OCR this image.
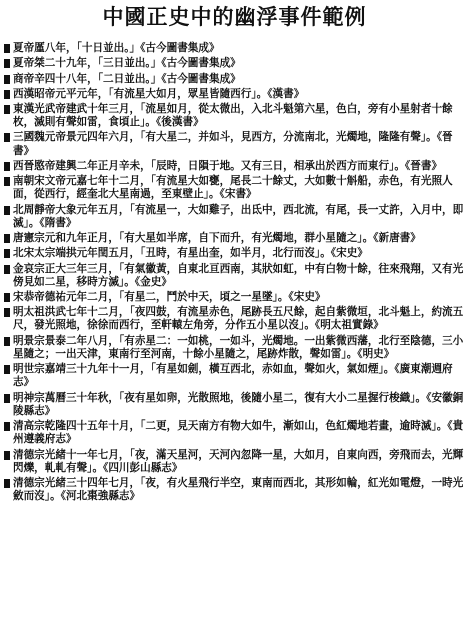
中國正史中的幽浮事件範例
夏帝厪八年，「十日並出。」《古今圖書集成》
夏帝桀二十九年，「三日並出。」《古今圖書集成》
商帝辛四十八年，「二日並出。」《古今圖書集成》
西漢昭帝元平元年，「有流星大如月，眾星皆隨西行」。《漢書》
東漢光武帝建武十年三月，「流星如月，從太微出，入北斗魁第六星，色白，旁有小星射者十餘枚，滅則有聲如雷，食頃止」。《後漢書》
三國魏元帝景元四年六月，「有大星二，并如斗，見西方，分流南北，光燭地，隆隆有聲」。《晉書》
西晉愍帝建興二年正月辛未，「辰時，日隕于地。又有三日，相承出於西方而東行」。《晉書》
南朝宋文帝元嘉七年十二月，「有流星大如甕，尾長二十餘丈，大如數十斛船，赤色，有光照人面，從西行，經奎北大星南過，至東壁止」。《宋書》
北周靜帝大象元年五月，「有流星一，大如雞子，出氐中，西北流，有尾，長一丈許，入月中，即滅」。《隋書》
唐憲宗元和九年正月，「有大星如半席，自下而升，有光燭地，群小星隨之」。《新唐書》
北宋太宗端拱元年閏五月，「丑時，有星出奎，如半月，北行而沒」。《宋史》
金哀宗正大三年三月，「有氣徽黃，自東北亘西南，其狀如虹，中有白物十餘，往來飛翔，又有光傍見如二星，移時方滅」。《金史》
宋恭帝德祐元年二月，「有星二，鬥於中天，頃之一星墜」。《宋史》
明太祖洪武七年十二月，「夜四鼓，有流星赤色，尾跡長五尺餘，起自紫微垣，北斗魁上，約流五尺，發光照地，徐徐而西行，至軒轅左角旁，分作五小星以沒」。《明太祖實錄》
明景宗景泰二年八月，「有赤星二：一如桃，一如斗，光燭地。一出紫微西藩，北行至陰德，三小星隨之；一出天津，東南行至河南，十餘小星隨之，尾跡炸散，聲如雷」。《明史》
明世宗嘉靖三十九年十一月，「有星如劍，橫互西北，赤如血，聲如火，氣如煙」。《廣東潮週府志》
明神宗萬曆三十年秋，「夜有星如卵，光散照地，後隨小星二，復有大小二星握行梭織」。《安徽銅陵縣志》
清高宗乾隆四十五年十月，「二更，見天南方有物大如牛，漸如山，色紅燭地若畫，逾時滅」。《貴州遵義府志》
清德宗光緒十一年七月，「夜，滿天星河，天河內忽降一星，大如月，自東向西，旁飛而去，光輝閃爍，軋軋有聲」。《四川彭山縣志》
清德宗光緒三十四年七月，「夜，有火星飛行半空，東南而西北，其形如輪，紅光如電燈，一時光斂而沒」。《河北棗強縣志》
